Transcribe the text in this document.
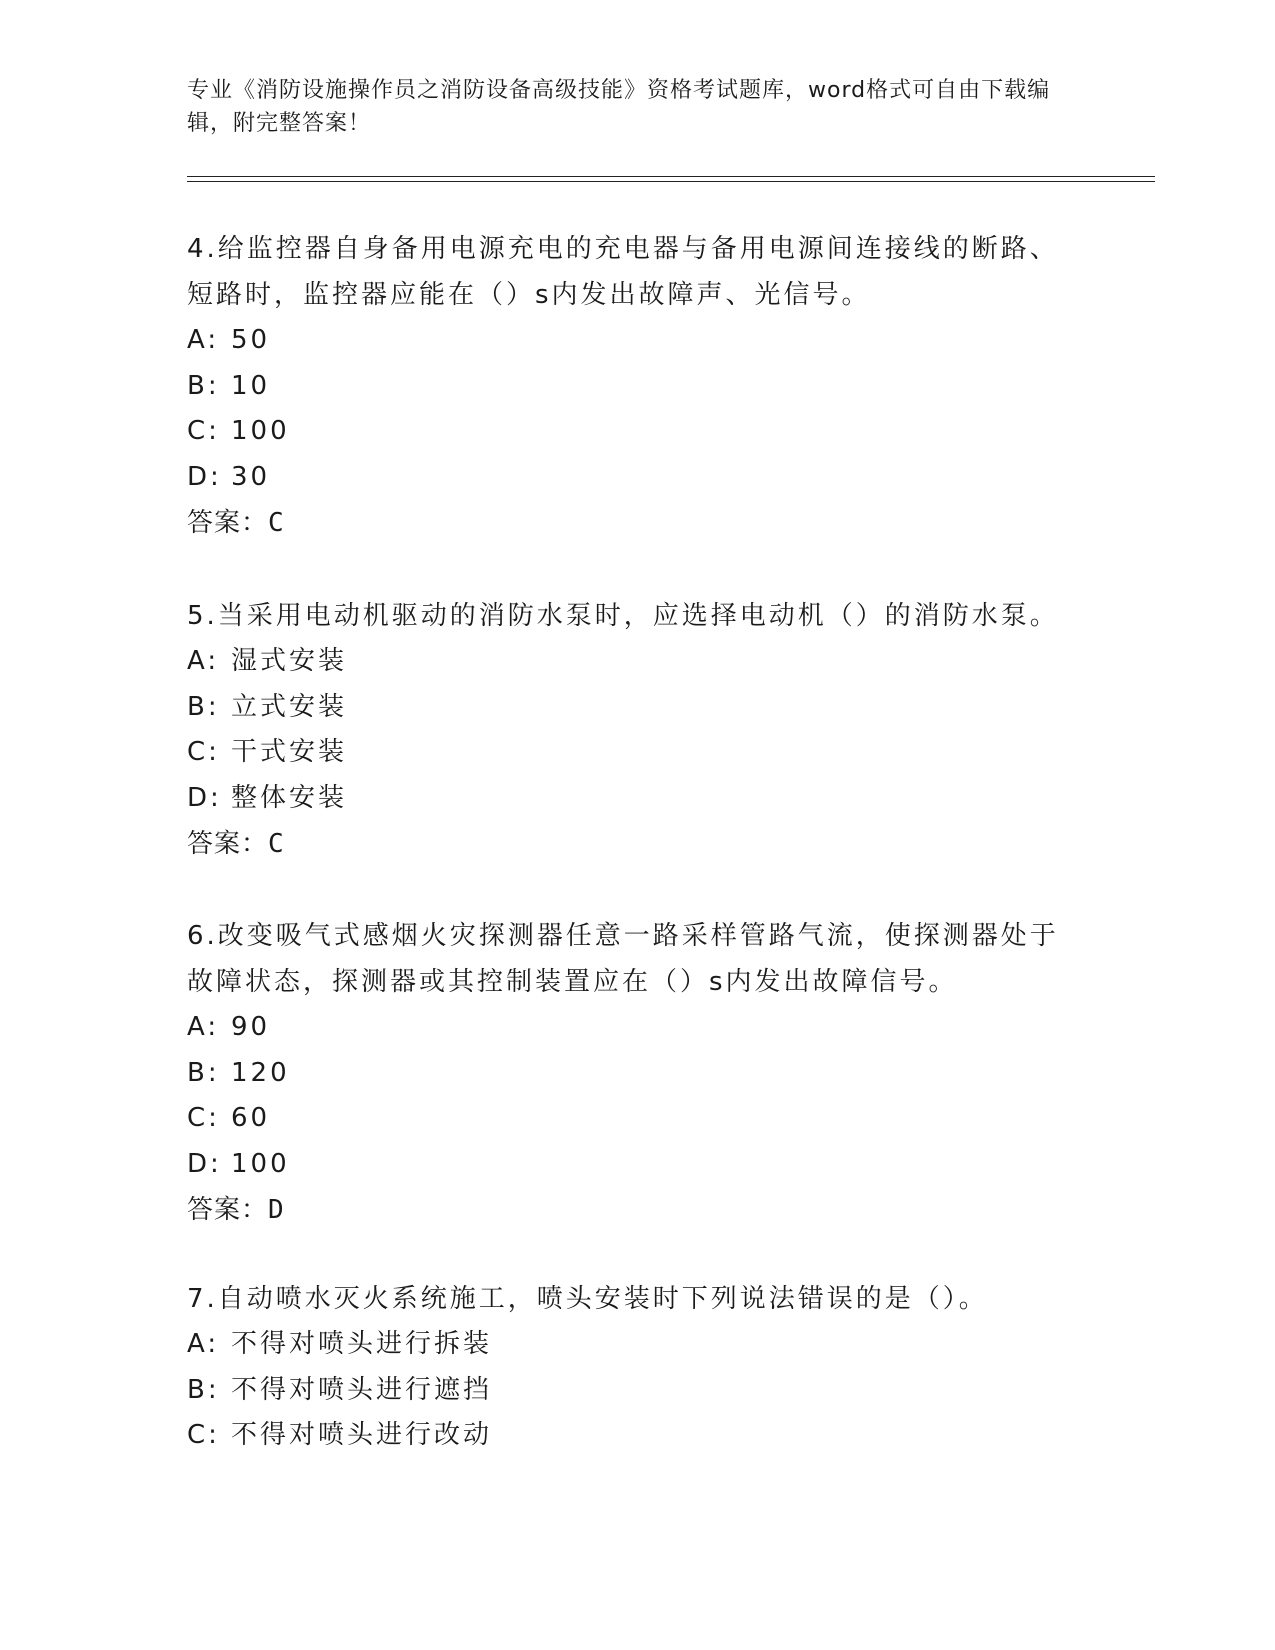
专业《消防设施操作员之消防设备高级技能》资格考试题库，word格式可自由下载编辑，附完整答案！
4.给监控器自身备用电源充电的充电器与备用电源间连接线的断路、短路时，监控器应能在（）s内发出故障声、光信号。
A: 50
B: 10
C: 100
D: 30
答案：C
5.当采用电动机驱动的消防水泵时，应选择电动机（）的消防水泵。
A: 湿式安装
B: 立式安装
C: 干式安装
D: 整体安装
答案：C
6.改变吸气式感烟火灾探测器任意一路采样管路气流，使探测器处于故障状态，探测器或其控制装置应在（）s内发出故障信号。
A: 90
B: 120
C: 60
D: 100
答案：D
7.自动喷水灭火系统施工，喷头安装时下列说法错误的是（）。
A: 不得对喷头进行拆装
B: 不得对喷头进行遮挡
C: 不得对喷头进行改动
